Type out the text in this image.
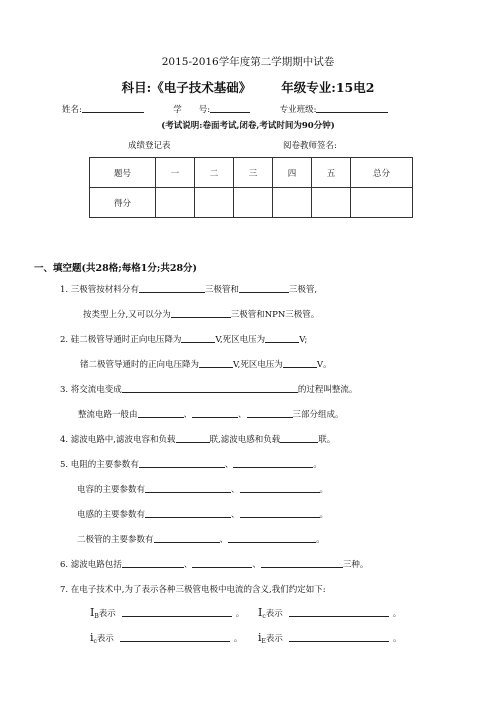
2015-2016学年度第二学期期中试卷
科目:《电子技术基础》 年级专业:15电2
姓名:	学　　号:	专业班级:
(考试说明:卷面考试,闭卷,考试时间为90分钟)
成绩登记表	阅卷教师签名:
题号	一	二	三	四	五	总分
得分						
一、填空题(共28格;每格1分;共28分)
1. 三极管按材料分有	三极管和	三极管,
按类型上分,又可以分为	三极管和NPN三极管。
2. 硅二极管导通时正向电压降为	V,死区电压为	V;
锗二极管导通时的正向电压降为	V,死区电压为	V。
3. 将交流电变成	的过程叫整流。
整流电路一般由	、	、	三部分组成。
4. 滤波电路中,滤波电容和负载	联,滤波电感和负载	联。
5. 电阻的主要参数有	、	。
电容的主要参数有	、	。
电感的主要参数有	、	。
二极管的主要参数有	、	。
6. 滤波电路包括	、	、	三种。
7. 在电子技术中,为了表示各种三极管电极中电流的含义,我们约定如下:
$I_B$表示	。 $I_c$表示	。
$i_c$表示	。 $i_E$表示	。
